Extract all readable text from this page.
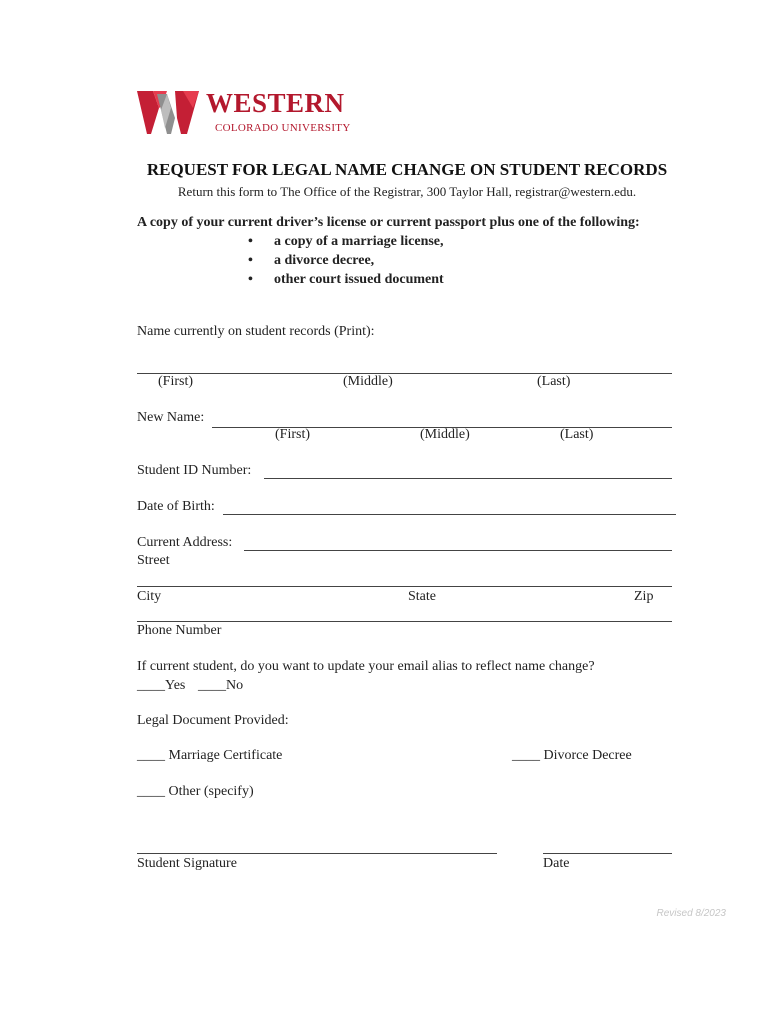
WESTERN
COLORADO UNIVERSITY
REQUEST FOR LEGAL NAME CHANGE ON STUDENT RECORDS
Return this form to The Office of the Registrar, 300 Taylor Hall, registrar@western.edu.
A copy of your current driver’s license or current passport plus one of the following:
• a copy of a marriage license,
• a divorce decree,
• other court issued document
Name currently on student records (Print):
(First)	(Middle)	(Last)
New Name:
(First)	(Middle)	(Last)
Student ID Number:
Date of Birth:
Current Address:
Street
City	State	Zip
Phone Number
If current student, do you want to update your email alias to reflect name change?
____Yes ____No
Legal Document Provided:
____ Marriage Certificate	____ Divorce Decree
____ Other (specify)
Student Signature	Date
Revised 8/2023
